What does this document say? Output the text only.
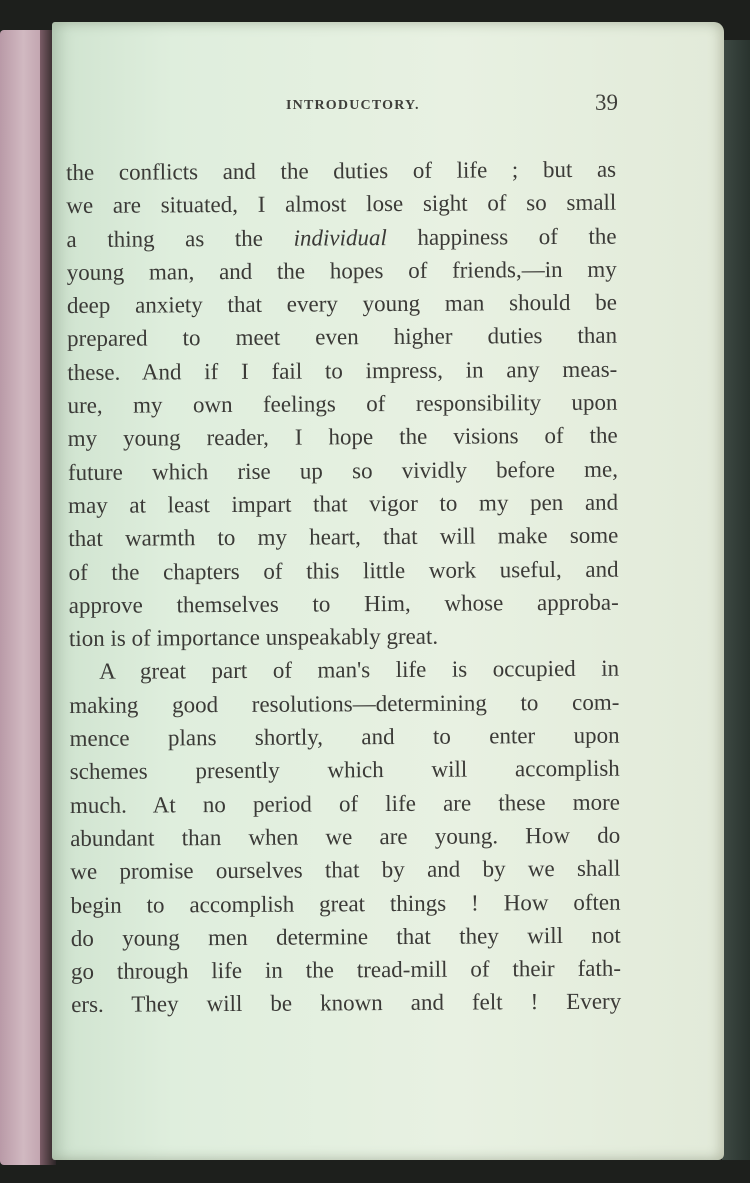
INTRODUCTORY.	39
the conflicts and the duties of life ; but as
we are situated, I almost lose sight of so small
a thing as the individual happiness of the
young man, and the hopes of friends,—in my
deep anxiety that every young man should be
prepared to meet even higher duties than
these. And if I fail to impress, in any meas-
ure, my own feelings of responsibility upon
my young reader, I hope the visions of the
future which rise up so vividly before me,
may at least impart that vigor to my pen and
that warmth to my heart, that will make some
of the chapters of this little work useful, and
approve themselves to Him, whose approba-
tion is of importance unspeakably great.
A great part of man's life is occupied in
making good resolutions—determining to com-
mence plans shortly, and to enter upon
schemes presently which will accomplish
much. At no period of life are these more
abundant than when we are young. How do
we promise ourselves that by and by we shall
begin to accomplish great things ! How often
do young men determine that they will not
go through life in the tread-mill of their fath-
ers. They will be known and felt ! Every
